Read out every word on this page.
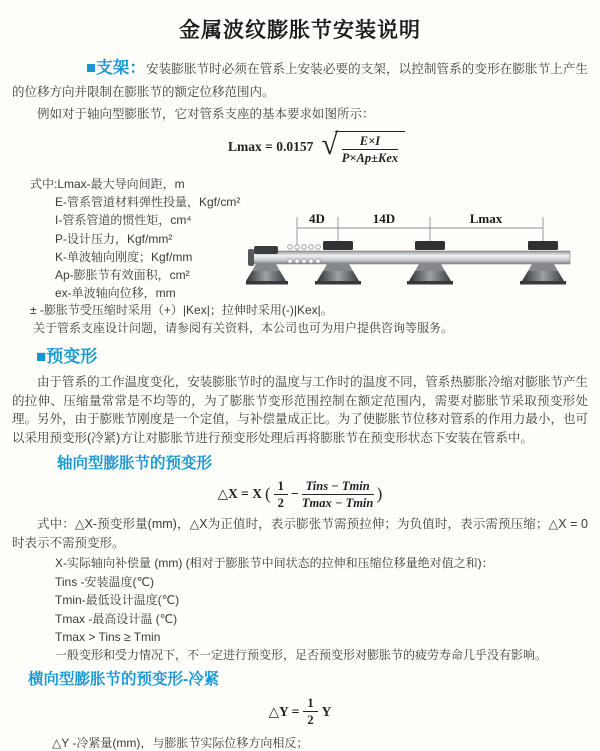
金属波纹膨胀节安装说明

■支架：安装膨胀节时必须在管系上安装必要的支架，以控制管系的变形在膨胀节上产生的位移方向并限制在膨胀节的额定位移范围内。

例如对于轴向型膨胀节，它对管系支座的基本要求如图所示：

Lmax = 0.0157 √ $\frac{E\times I}{\text{P×Ap±Kex}}$
式中:Lmax-最大导向间距，m
E-管系管道材料弹性投量，Kgf/cm²
I-管系管道的惯性矩，cm⁴
P-设计压力，Kgf/mm²
K-单波轴向刚度；Kgf/mm
Ap-膨胀节有效面积，cm²
ex-单波轴向位移，mm
± -膨胀节受压缩时采用（+）|Kex|；拉伸时采用(-)|Kex|。
关于管系支座设计问题，请参阅有关资料，本公司也可为用户提供咨询等服务。
4D	14D	Lmax
■预变形

由于管系的工作温度变化，安装膨胀节时的温度与工作时的温度不同，管系热膨胀冷缩对膨胀节产生的拉伸、压缩量常常是不均等的，为了膨胀节变形范围控制在额定范围内，需要对膨胀节采取预变形处理。另外，由于膨账节刚度是一个定值，与补偿量成正比。为了使膨胀节位移对管系的作用力最小，也可以采用预变形(冷紧)方让对膨胀节进行预变形处理后再将膨胀节在预变形状态下安装在管系中。

轴向型膨胀节的预变形
△X = X ( $\frac{1}{2} - \frac{\text{Tins − Tmin}}{Tmax - Tmin}$ )

式中：△X-预变形量(mm)，△X为正值时，表示膨张节需预拉伸；为负值时，表示需预压缩；△X = 0时表示不需预变形。

X-实际轴向补偿量 (mm) (相对于膨胀节中间状态的拉伸和压缩位移量绝对值之和)：
Tins -安装温度(℃)
Tmin-最低设计温度(℃)
Tmax -最高设计温 (℃)
Tmax > Tins ≥ Tmin
一般变形和受力情况下，不一定进行预变形，足否预变形对膨胀节的疲劳寿命几乎没有影响。
横向型膨胀节的预变形-冷紧
△Y = $\frac{1}{2}$ Y
△Y -冷紧量(mm)，与膨胀节实际位移方向相反；
